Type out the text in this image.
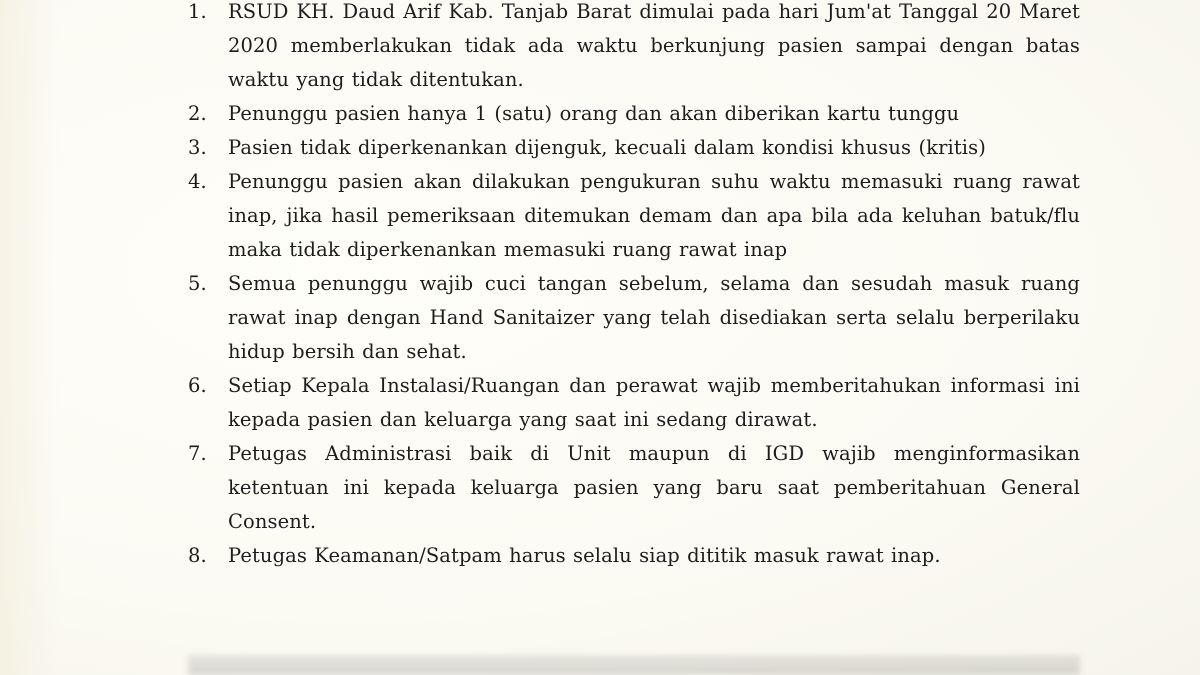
1.	RSUD KH. Daud Arif Kab. Tanjab Barat dimulai pada hari Jum'at Tanggal 20 Maret 2020 memberlakukan tidak ada waktu berkunjung pasien sampai dengan batas waktu yang tidak ditentukan.
2.	Penunggu pasien hanya 1 (satu) orang dan akan diberikan kartu tunggu
3.	Pasien tidak diperkenankan dijenguk, kecuali dalam kondisi khusus (kritis)
4.	Penunggu pasien akan dilakukan pengukuran suhu waktu memasuki ruang rawat inap, jika hasil pemeriksaan ditemukan demam dan apa bila ada keluhan batuk/flu maka tidak diperkenankan memasuki ruang rawat inap
5.	Semua penunggu wajib cuci tangan sebelum, selama dan sesudah masuk ruang rawat inap dengan Hand Sanitaizer yang telah disediakan serta selalu berperilaku hidup bersih dan sehat.
6.	Setiap Kepala Instalasi/Ruangan dan perawat wajib memberitahukan informasi ini kepada pasien dan keluarga yang saat ini sedang dirawat.
7.	Petugas Administrasi baik di Unit maupun di IGD wajib menginformasikan ketentuan ini kepada keluarga pasien yang baru saat pemberitahuan General Consent.
8.	Petugas Keamanan/Satpam harus selalu siap dititik masuk rawat inap.
